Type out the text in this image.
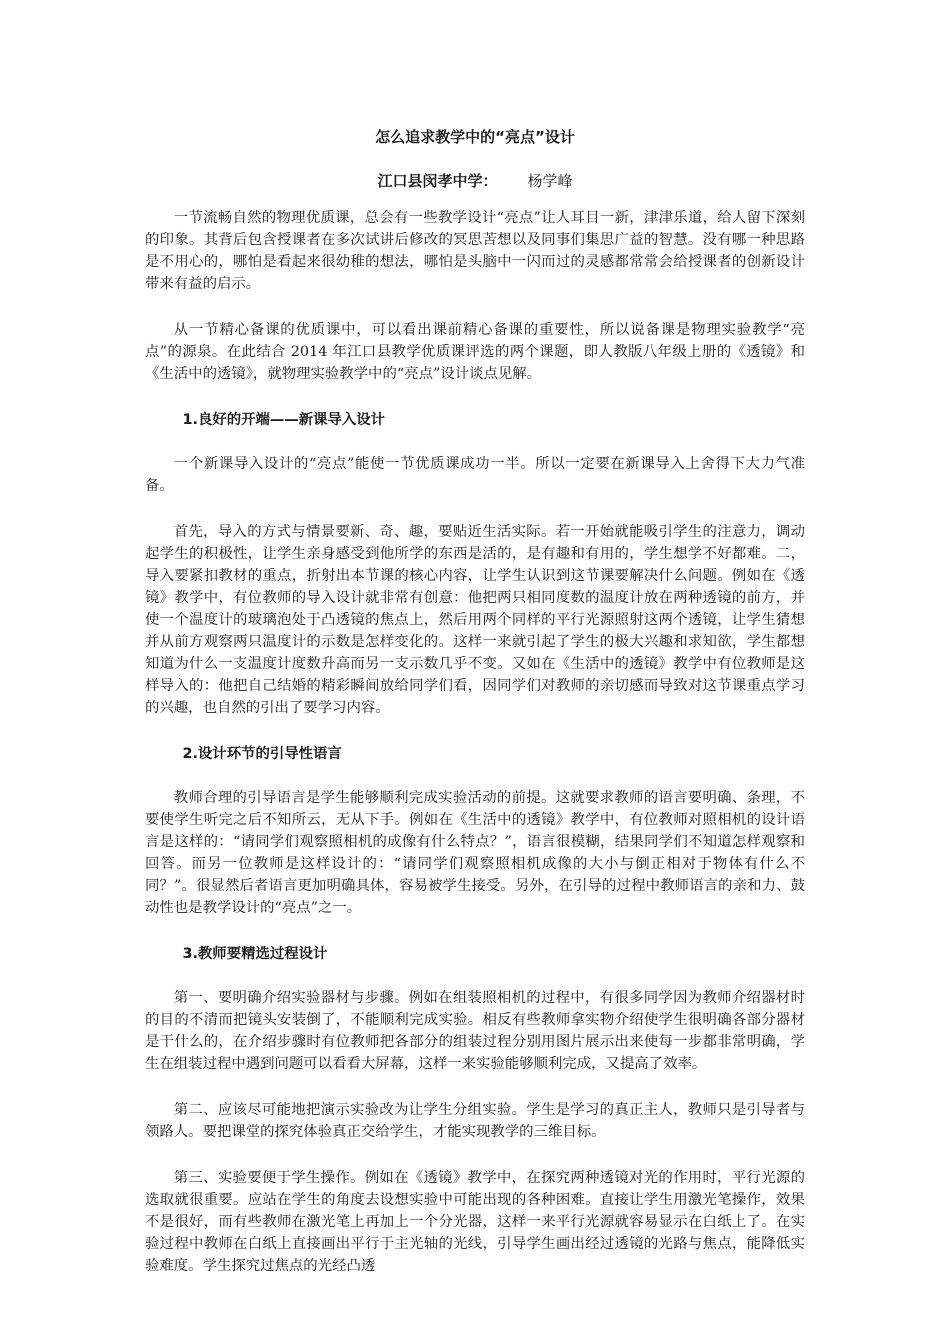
怎么追求教学中的“亮点”设计
江口县闵孝中学： 杨学峰

一节流畅自然的物理优质课，总会有一些教学设计“亮点”让人耳目一新，津津乐道，给人留下深刻的印象。其背后包含授课者在多次试讲后修改的冥思苦想以及同事们集思广益的智慧。没有哪一种思路是不用心的，哪怕是看起来很幼稚的想法，哪怕是头脑中一闪而过的灵感都常常会给授课者的创新设计带来有益的启示。

从一节精心备课的优质课中，可以看出课前精心备课的重要性，所以说备课是物理实验教学“亮点”的源泉。在此结合 2014 年江口县教学优质课评选的两个课题，即人教版八年级上册的《透镜》和《生活中的透镜》，就物理实验教学中的“亮点”设计谈点见解。

1.良好的开端——新课导入设计

一个新课导入设计的“亮点”能使一节优质课成功一半。所以一定要在新课导入上舍得下大力气准备。

首先，导入的方式与情景要新、奇、趣，要贴近生活实际。若一开始就能吸引学生的注意力，调动起学生的积极性，让学生亲身感受到他所学的东西是活的，是有趣和有用的，学生想学不好都难。二，导入要紧扣教材的重点，折射出本节课的核心内容，让学生认识到这节课要解决什么问题。例如在《透镜》教学中，有位教师的导入设计就非常有创意：他把两只相同度数的温度计放在两种透镜的前方，并使一个温度计的玻璃泡处于凸透镜的焦点上，然后用两个同样的平行光源照射这两个透镜，让学生猜想并从前方观察两只温度计的示数是怎样变化的。这样一来就引起了学生的极大兴趣和求知欲，学生都想知道为什么一支温度计度数升高而另一支示数几乎不变。又如在《生活中的透镜》教学中有位教师是这样导入的：他把自己结婚的精彩瞬间放给同学们看，因同学们对教师的亲切感而导致对这节课重点学习的兴趣，也自然的引出了要学习内容。

2.设计环节的引导性语言

教师合理的引导语言是学生能够顺利完成实验活动的前提。这就要求教师的语言要明确、条理，不要使学生听完之后不知所云，无从下手。例如在《生活中的透镜》教学中，有位教师对照相机的设计语言是这样的：“请同学们观察照相机的成像有什么特点？”，语言很模糊，结果同学们不知道怎样观察和回答。而另一位教师是这样设计的：“请同学们观察照相机成像的大小与倒正相对于物体有什么不同？”。很显然后者语言更加明确具体，容易被学生接受。另外，在引导的过程中教师语言的亲和力、鼓动性也是教学设计的“亮点”之一。

3.教师要精选过程设计

第一、要明确介绍实验器材与步骤。例如在组装照相机的过程中，有很多同学因为教师介绍器材时的目的不清而把镜头安装倒了，不能顺利完成实验。相反有些教师拿实物介绍使学生很明确各部分器材是干什么的，在介绍步骤时有位教师把各部分的组装过程分别用图片展示出来使每一步都非常明确，学生在组装过程中遇到问题可以看看大屏幕，这样一来实验能够顺利完成，又提高了效率。

第二、应该尽可能地把演示实验改为让学生分组实验。学生是学习的真正主人，教师只是引导者与领路人。要把课堂的探究体验真正交给学生，才能实现教学的三维目标。

第三、实验要便于学生操作。例如在《透镜》教学中，在探究两种透镜对光的作用时，平行光源的选取就很重要。应站在学生的角度去设想实验中可能出现的各种困难。直接让学生用激光笔操作，效果不是很好，而有些教师在激光笔上再加上一个分光器，这样一来平行光源就容易显示在白纸上了。在实验过程中教师在白纸上直接画出平行于主光轴的光线，引导学生画出经过透镜的光路与焦点，能降低实验难度。学生探究过焦点的光经凸透
